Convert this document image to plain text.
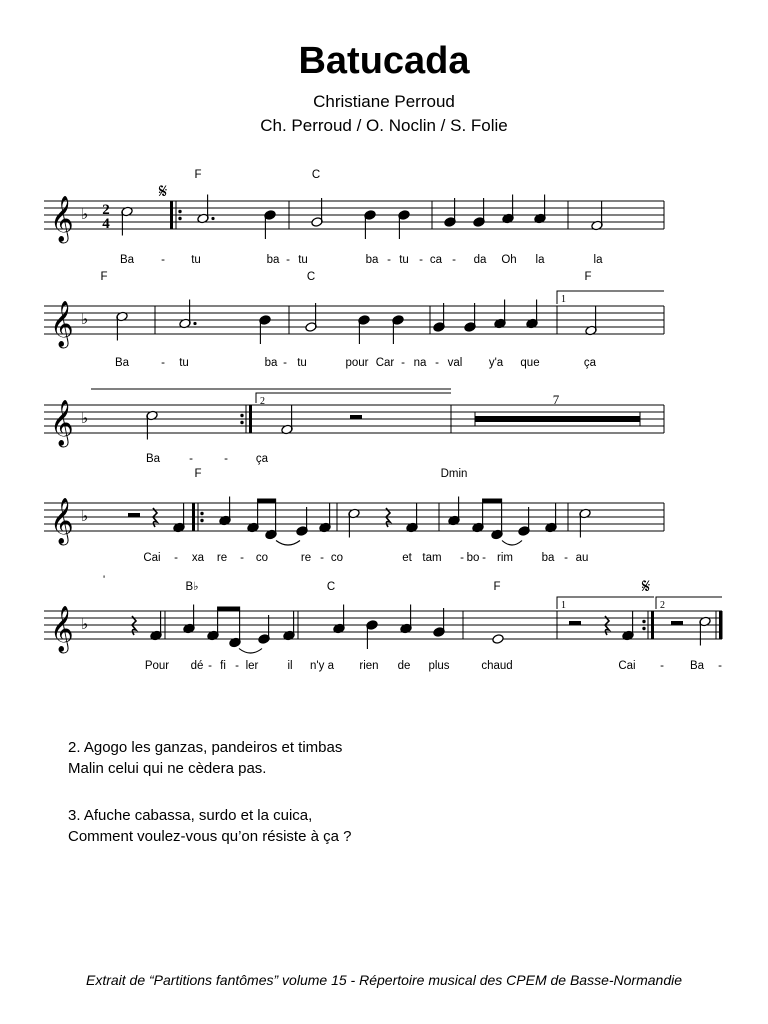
Batucada
Christiane Perroud
Ch. Perroud / O. Noclin / S. Folie
𝄞 ♭ 2
4
𝄋
F	C
Ba - tu	ba - tu	ba - tu - ca - da Oh la	la
𝄞 ♭
1
F	C	F
Ba	- tu	ba - tu	pour Car - na - val y'a que	ça
𝄞 ♭
2	7
Ba	-	- ça
𝄞 ♭
F	Dmin
Cai - xa re - co	re - co	et tam - bo - rim ba - au
𝄞 ♭
'
1	2
𝄋
B♭	C	F
Pour dé - fi - ler	il n'y a rien de plus	chaud	Cai - Ba -
2. Agogo les ganzas, pandeiros et timbas
Malin celui qui ne cèdera pas.
3. Afuche cabassa, surdo et la cuica,
Comment voulez-vous qu’on résiste à ça ?
Extrait de “Partitions fantômes” volume 15 - Répertoire musical des CPEM de Basse-Normandie
